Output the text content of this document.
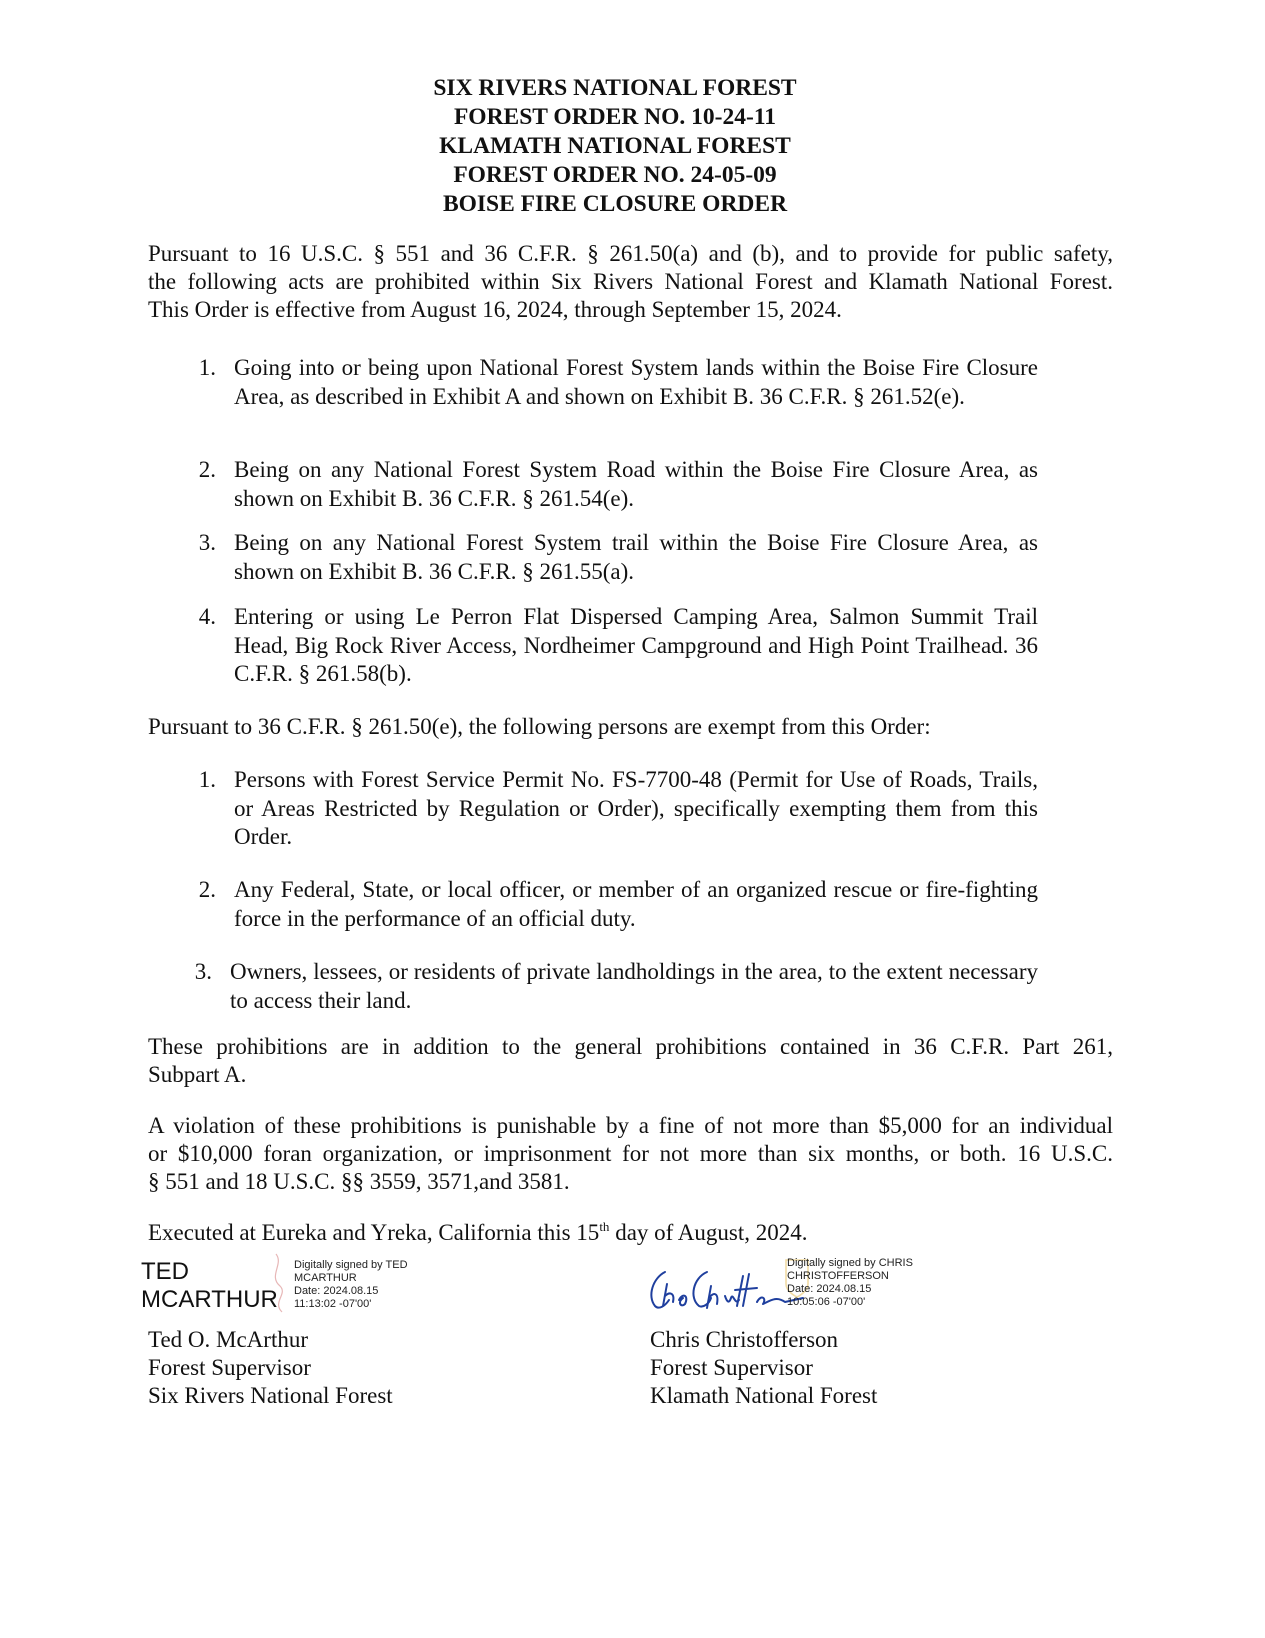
SIX RIVERS NATIONAL FOREST
FOREST ORDER NO. 10-24-11
KLAMATH NATIONAL FOREST
FOREST ORDER NO. 24-05-09
BOISE FIRE CLOSURE ORDER
Pursuant to 16 U.S.C. § 551 and 36 C.F.R. § 261.50(a) and (b), and to provide for public safety,
the following acts are prohibited within Six Rivers National Forest and Klamath National Forest.
This Order is effective from August 16, 2024, through September 15, 2024.
1. Going into or being upon National Forest System lands within the Boise Fire Closure Area, as described in Exhibit A and shown on Exhibit B. 36 C.F.R. § 261.52(e).
2. Being on any National Forest System Road within the Boise Fire Closure Area, as shown on Exhibit B. 36 C.F.R. § 261.54(e).
3. Being on any National Forest System trail within the Boise Fire Closure Area, as shown on Exhibit B. 36 C.F.R. § 261.55(a).
4. Entering or using Le Perron Flat Dispersed Camping Area, Salmon Summit Trail Head, Big Rock River Access, Nordheimer Campground and High Point Trailhead. 36 C.F.R. § 261.58(b).
Pursuant to 36 C.F.R. § 261.50(e), the following persons are exempt from this Order:
1. Persons with Forest Service Permit No. FS-7700-48 (Permit for Use of Roads, Trails, or Areas Restricted by Regulation or Order), specifically exempting them from this Order.
2. Any Federal, State, or local officer, or member of an organized rescue or fire-fighting force in the performance of an official duty.
3. Owners, lessees, or residents of private landholdings in the area, to the extent necessary to access their land.
These prohibitions are in addition to the general prohibitions contained in 36 C.F.R. Part 261,
Subpart A.
A violation of these prohibitions is punishable by a fine of not more than $5,000 for an individual
or $10,000 foran organization, or imprisonment for not more than six months, or both. 16 U.S.C.
§ 551 and 18 U.S.C. §§ 3559, 3571,and 3581.
Executed at Eureka and Yreka, California this 15th day of August, 2024.
TED
MCARTHUR
Digitally signed by TED
MCARTHUR
Date: 2024.08.15
11:13:02 -07'00'
Digitally signed by CHRIS
CHRISTOFFERSON
Date: 2024.08.15
10:05:06 -07'00'
Ted O. McArthur
Forest Supervisor
Six Rivers National Forest
Chris Christofferson
Forest Supervisor
Klamath National Forest
